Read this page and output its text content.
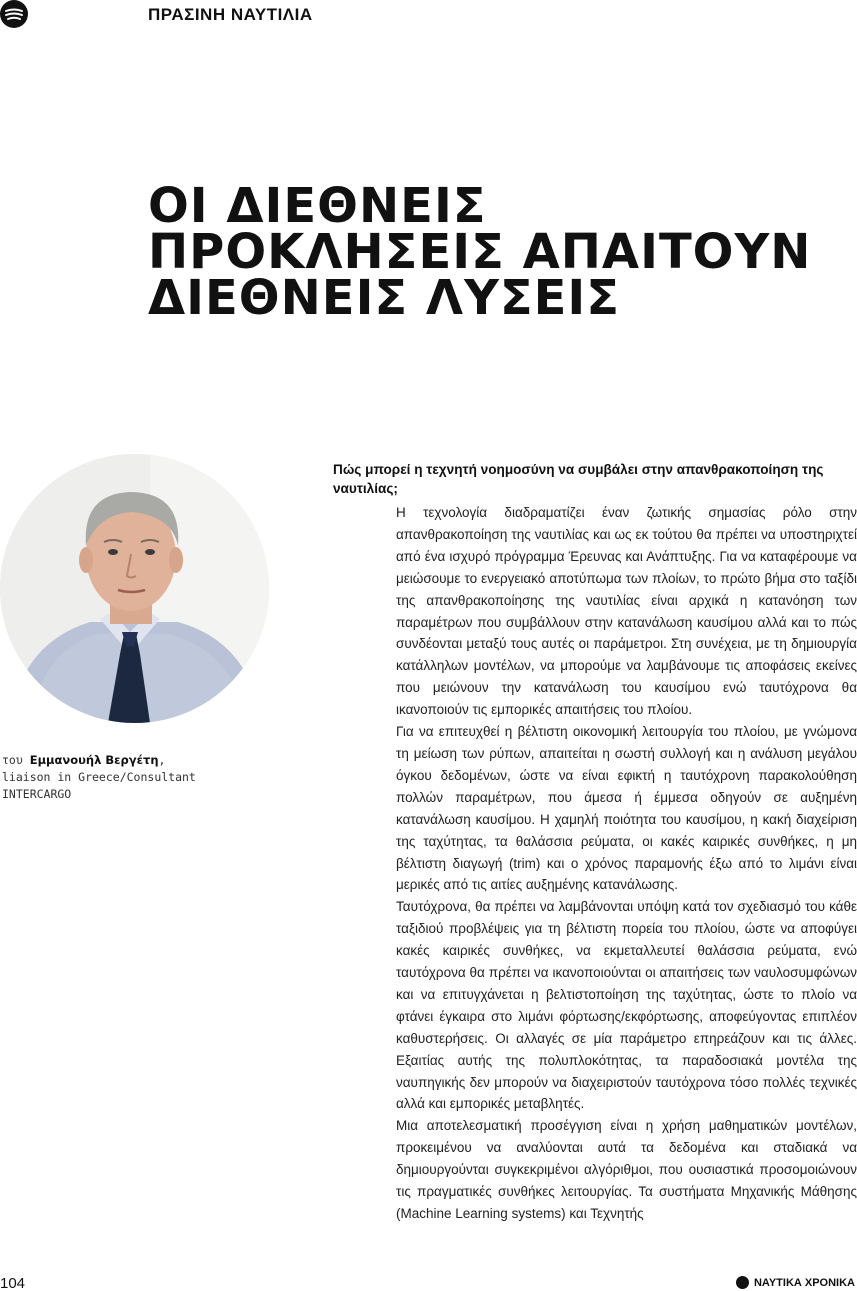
ΠΡΑΣΙΝΗ ΝΑΥΤΙΛΙΑ
ΟΙ ΔΙΕΘΝΕΙΣ
ΠΡΟΚΛΗΣΕΙΣ ΑΠΑΙΤΟΥΝ
ΔΙΕΘΝΕΙΣ ΛΥΣΕΙΣ
του Εμμανουήλ Βεργέτη,
liaison in Greece/Consultant
INTERCARGO
Πώς μπορεί η τεχνητή νοημοσύνη να συμβάλει στην απανθρακοποίηση της ναυτιλίας;

Η τεχνολογία διαδραματίζει έναν ζωτικής σημασίας ρόλο στην απανθρακοποίηση της ναυτιλίας και ως εκ τούτου θα πρέπει να υποστηριχτεί από ένα ισχυρό πρόγραμμα Έρευνας και Ανάπτυξης. Για να καταφέρουμε να μειώσουμε το ενεργειακό αποτύπωμα των πλοίων, το πρώτο βήμα στο ταξίδι της απανθρακοποίησης της ναυτιλίας είναι αρχικά η κατανόηση των παραμέτρων που συμβάλλουν στην κατανάλωση καυσίμου αλλά και το πώς συνδέονται μεταξύ τους αυτές οι παράμετροι. Στη συνέχεια, με τη δημιουργία κατάλληλων μοντέλων, να μπορούμε να λαμβάνουμε τις αποφάσεις εκείνες που μειώνουν την κατανάλωση του καυσίμου ενώ ταυτόχρονα θα ικανοποιούν τις εμπορικές απαιτήσεις του πλοίου.

Για να επιτευχθεί η βέλτιστη οικονομική λειτουργία του πλοίου, με γνώμονα τη μείωση των ρύπων, απαιτείται η σωστή συλλογή και η ανάλυση μεγάλου όγκου δεδομένων, ώστε να είναι εφικτή η ταυτόχρονη παρακολούθηση πολλών παραμέτρων, που άμεσα ή έμμεσα οδηγούν σε αυξημένη κατανάλωση καυσίμου. Η χαμηλή ποιότητα του καυσίμου, η κακή διαχείριση της ταχύτητας, τα θαλάσσια ρεύματα, οι κακές καιρικές συνθήκες, η μη βέλτιστη διαγωγή (trim) και ο χρόνος παραμονής έξω από το λιμάνι είναι μερικές από τις αιτίες αυξημένης κατανάλωσης.

Ταυτόχρονα, θα πρέπει να λαμβάνονται υπόψη κατά τον σχεδιασμό του κάθε ταξιδιού προβλέψεις για τη βέλτιστη πορεία του πλοίου, ώστε να αποφύγει κακές καιρικές συνθήκες, να εκμεταλλευτεί θαλάσσια ρεύματα, ενώ ταυτόχρονα θα πρέπει να ικανοποιούνται οι απαιτήσεις των ναυλοσυμφώνων και να επιτυγχάνεται η βελτιστοποίηση της ταχύτητας, ώστε το πλοίο να φτάνει έγκαιρα στο λιμάνι φόρτωσης/εκφόρτωσης, αποφεύγοντας επιπλέον καθυστερήσεις. Οι αλλαγές σε μία παράμετρο επηρεάζουν και τις άλλες. Εξαιτίας αυτής της πολυπλοκότητας, τα παραδοσιακά μοντέλα της ναυπηγικής δεν μπορούν να διαχειριστούν ταυτόχρονα τόσο πολλές τεχνικές αλλά και εμπορικές μεταβλητές.

Μια αποτελεσματική προσέγγιση είναι η χρήση μαθηματικών μοντέλων, προκειμένου να αναλύονται αυτά τα δεδομένα και σταδιακά να δημιουργούνται συγκεκριμένοι αλγόριθμοι, που ουσιαστικά προσομοιώνουν τις πραγματικές συνθήκες λειτουργίας. Τα συστήματα Μηχανικής Μάθησης (Machine Learning systems) και Τεχνητής

104	ΝΑΥΤΙΚΑ ΧΡΟΝΙΚΑ
